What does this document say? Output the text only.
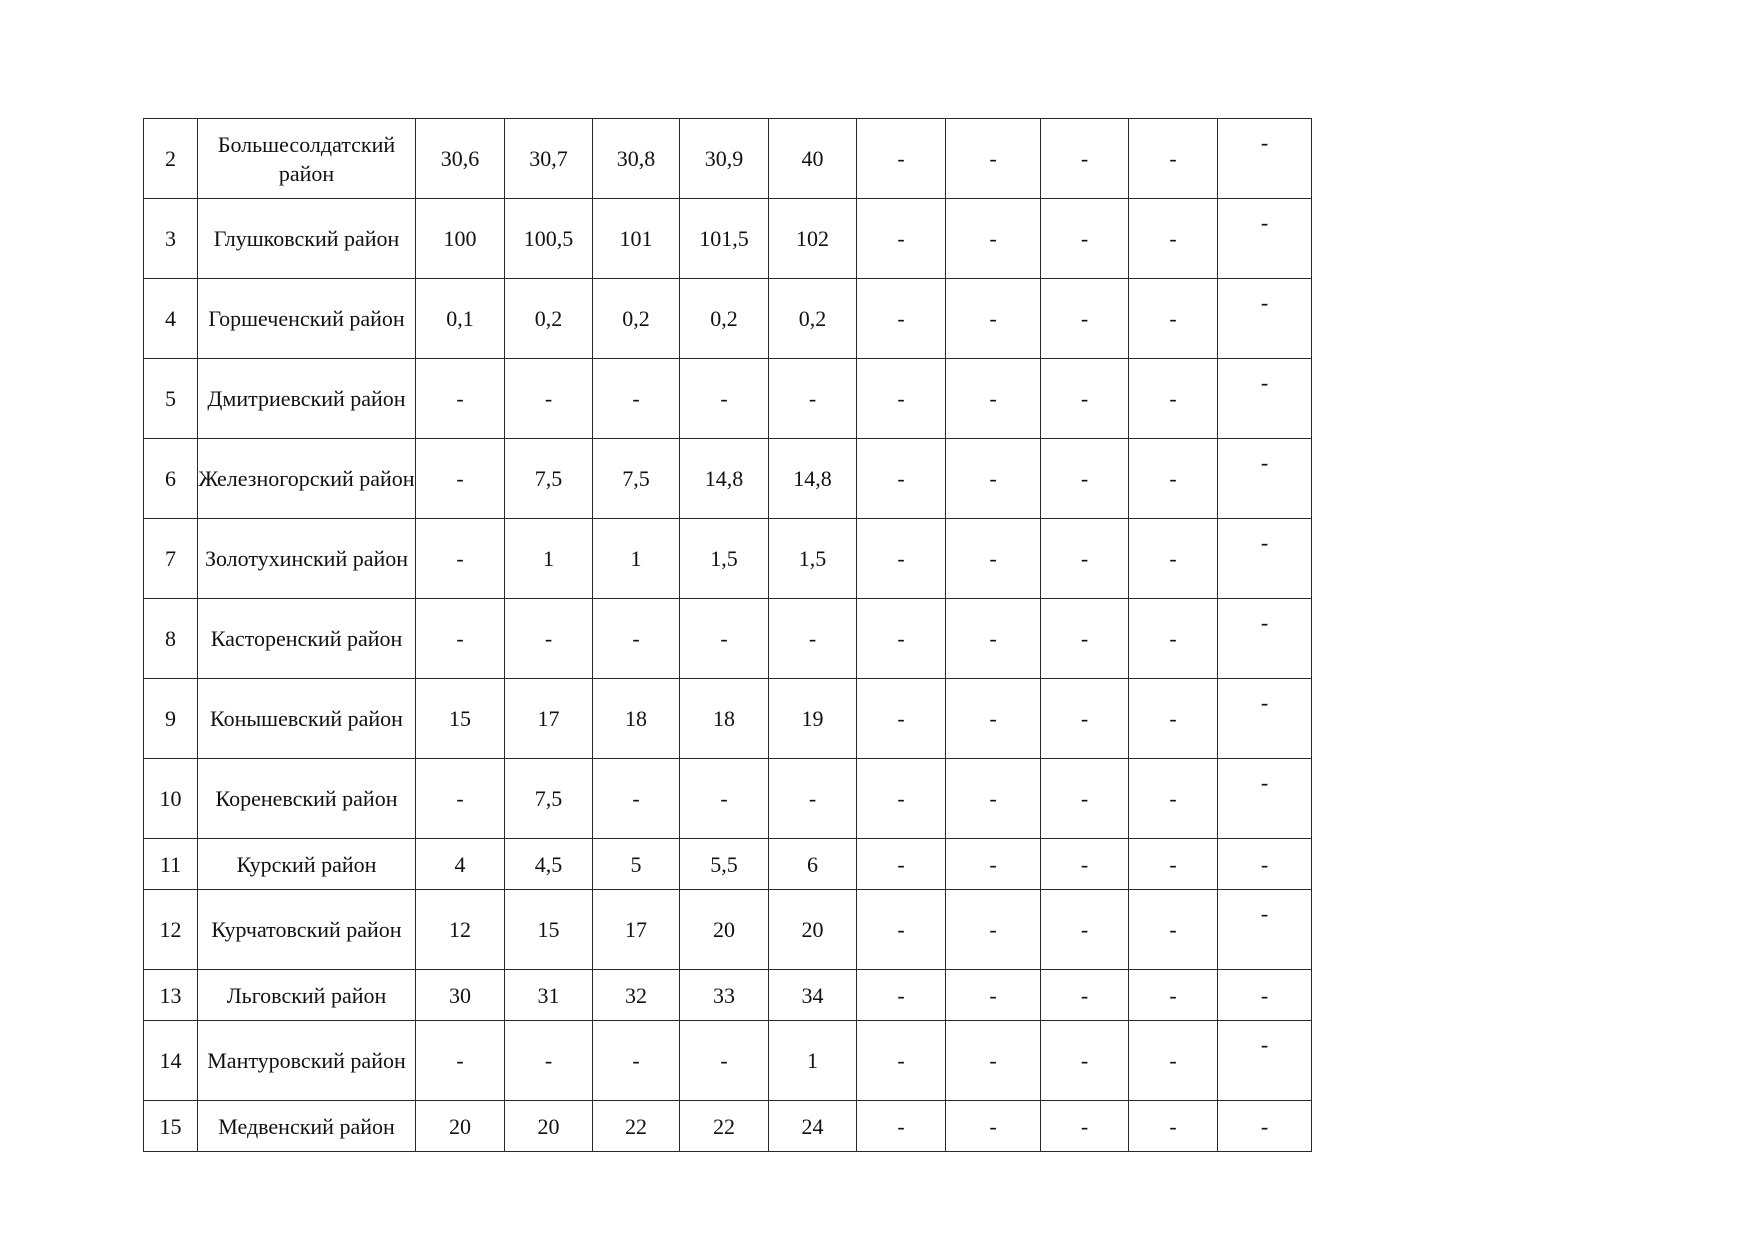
2	Большесолдатский район	30,6	30,7	30,8	30,9	40	-	-	-	-	-

3	Глушковский район	100	100,5	101	101,5	102	-	-	-	-	-

4	Горшеченский район	0,1	0,2	0,2	0,2	0,2	-	-	-	-	-

5	Дмитриевский район	-	-	-	-	-	-	-	-	-	-

6	Железногорский район	-	7,5	7,5	14,8	14,8	-	-	-	-	-

7	Золотухинский район	-	1	1	1,5	1,5	-	-	-	-	-

8	Касторенский район	-	-	-	-	-	-	-	-	-	-

9	Конышевский район	15	17	18	18	19	-	-	-	-	-

10	Кореневский район	-	7,5	-	-	-	-	-	-	-	-

11	Курский район	4	4,5	5	5,5	6	-	-	-	-	-

12	Курчатовский район	12	15	17	20	20	-	-	-	-	-

13	Льговский район	30	31	32	33	34	-	-	-	-	-

14	Мантуровский район	-	-	-	-	1	-	-	-	-	-

15	Медвенский район	20	20	22	22	24	-	-	-	-	-
